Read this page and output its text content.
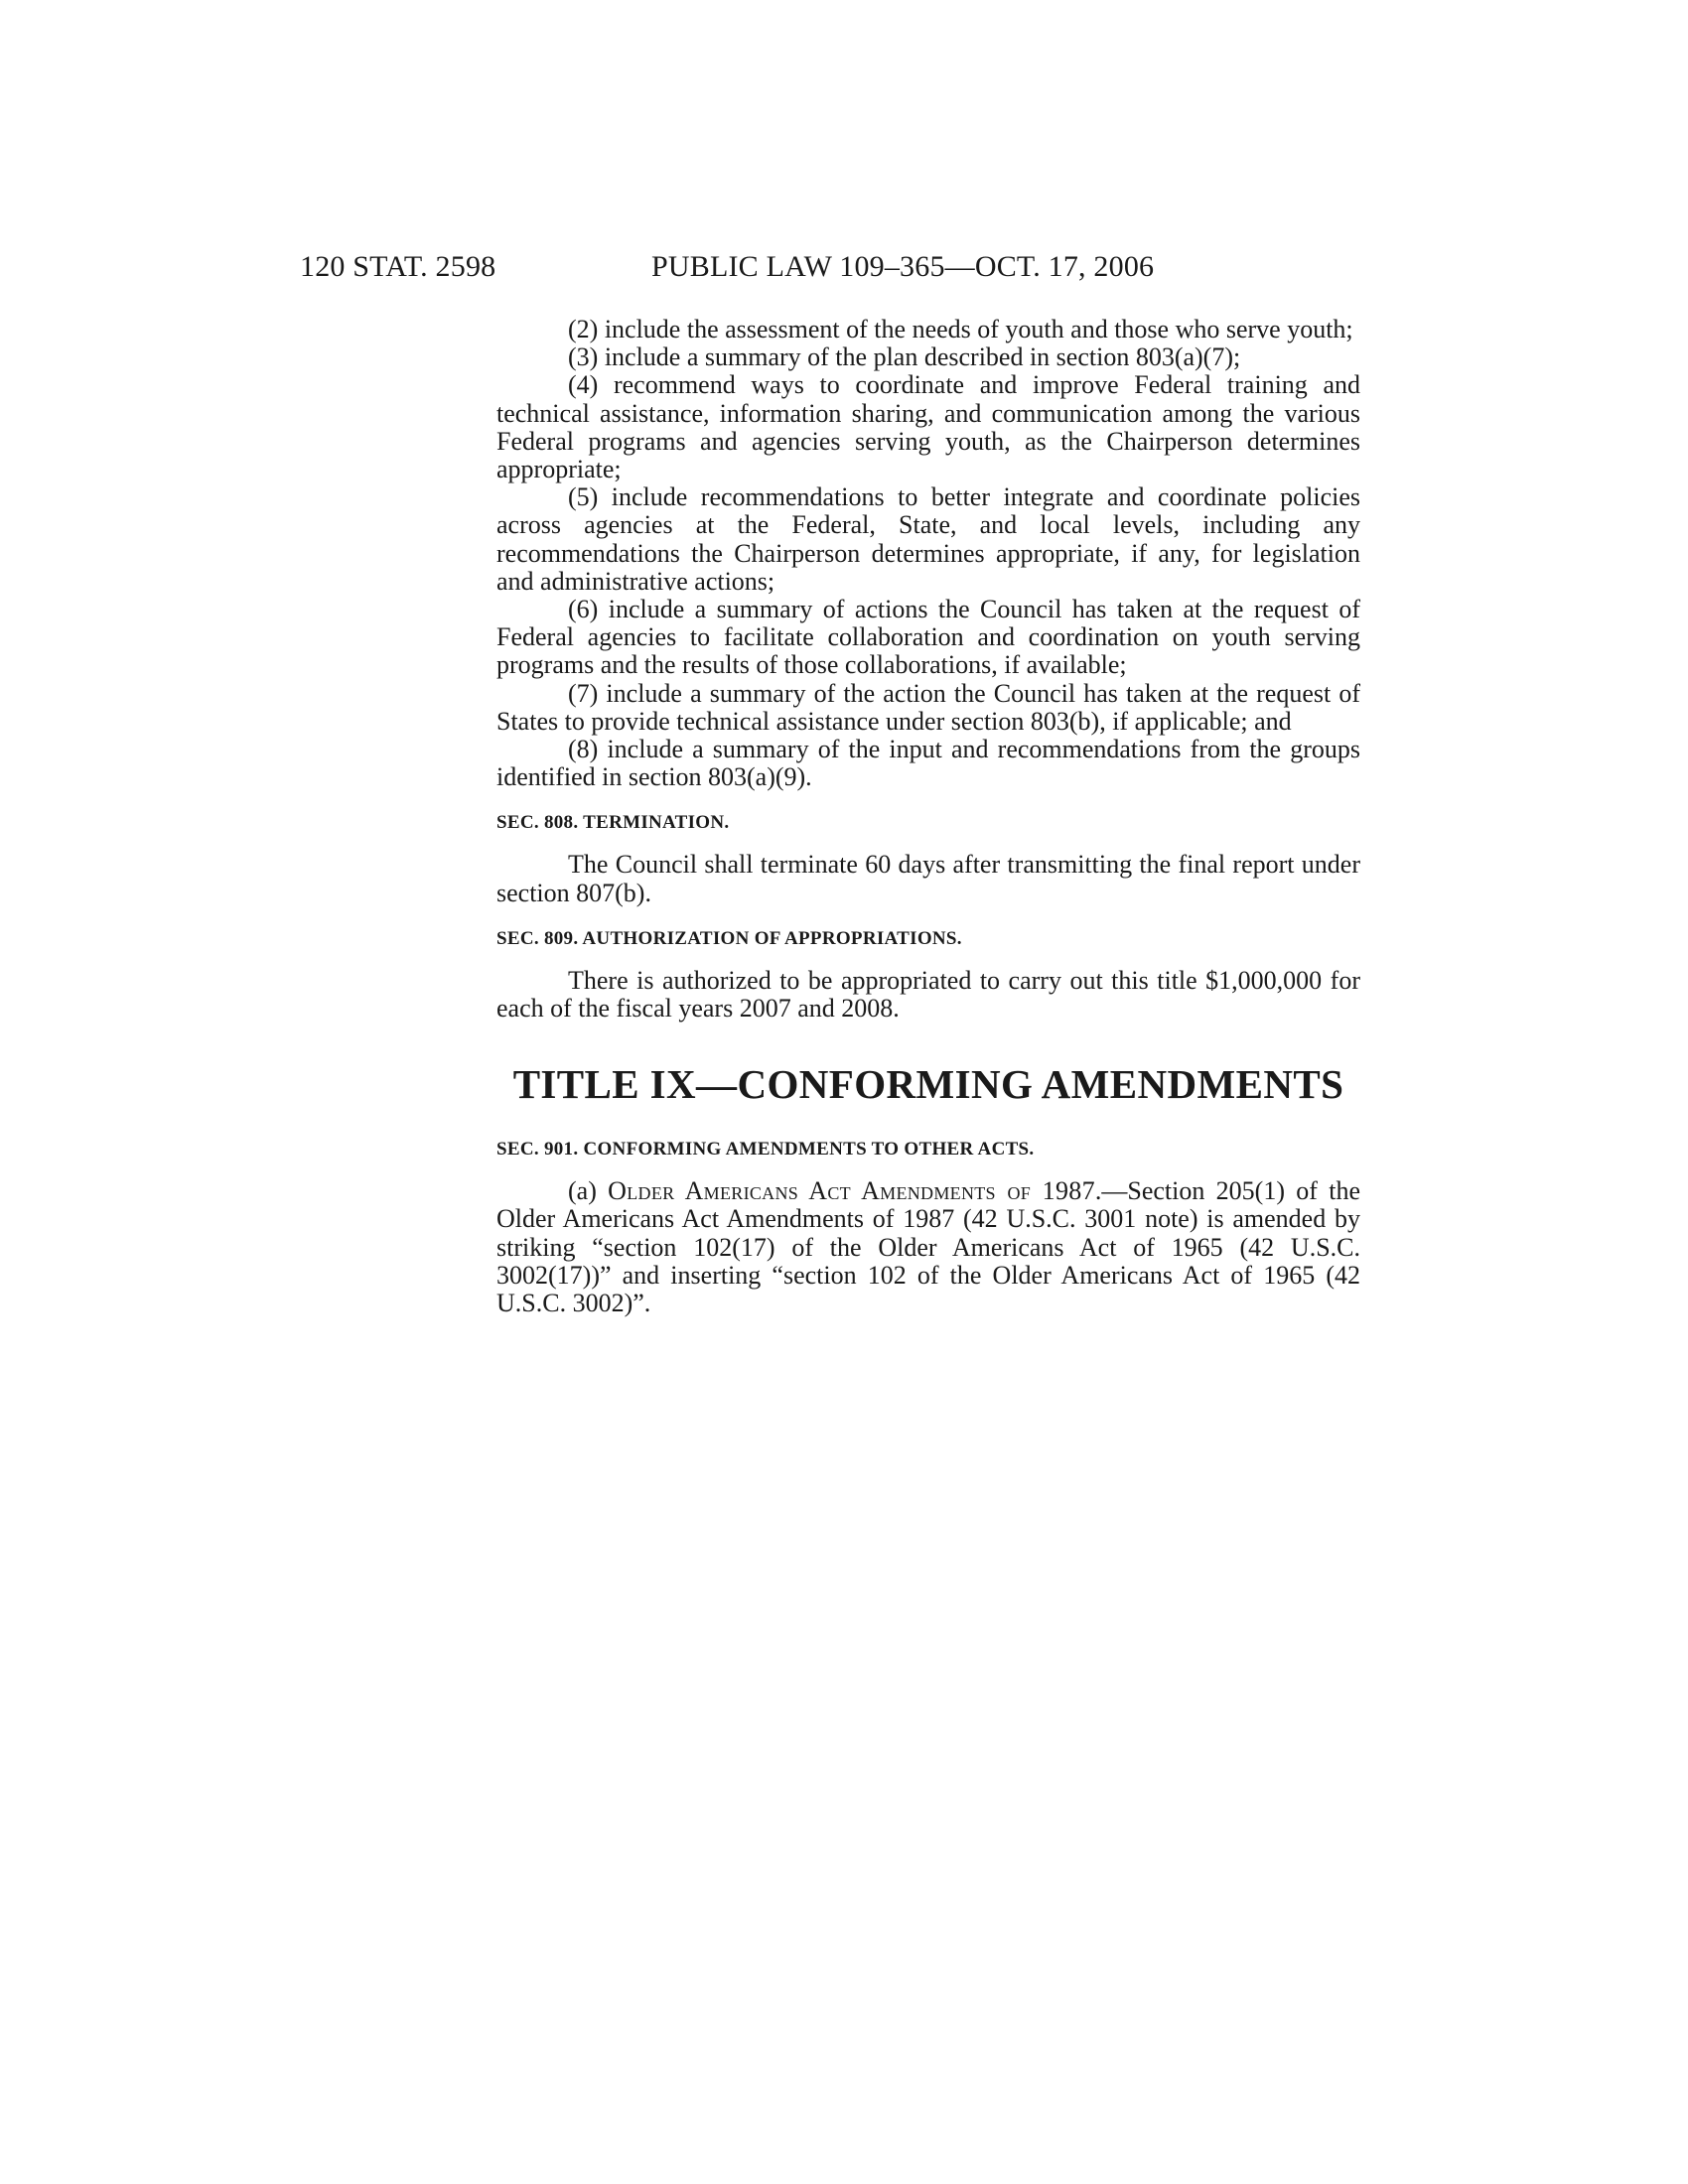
120 STAT. 2598	PUBLIC LAW 109–365—OCT. 17, 2006

(2) include the assessment of the needs of youth and those who serve youth;

(3) include a summary of the plan described in section 803(a)(7);

(4) recommend ways to coordinate and improve Federal training and technical assistance, information sharing, and communication among the various Federal programs and agencies serving youth, as the Chairperson determines appropriate;

(5) include recommendations to better integrate and coordinate policies across agencies at the Federal, State, and local levels, including any recommendations the Chairperson determines appropriate, if any, for legislation and administrative actions;

(6) include a summary of actions the Council has taken at the request of Federal agencies to facilitate collaboration and coordination on youth serving programs and the results of those collaborations, if available;

(7) include a summary of the action the Council has taken at the request of States to provide technical assistance under section 803(b), if applicable; and

(8) include a summary of the input and recommendations from the groups identified in section 803(a)(9).

SEC. 808. TERMINATION.

The Council shall terminate 60 days after transmitting the final report under section 807(b).

SEC. 809. AUTHORIZATION OF APPROPRIATIONS.

There is authorized to be appropriated to carry out this title $1,000,000 for each of the fiscal years 2007 and 2008.

TITLE IX—CONFORMING AMENDMENTS

SEC. 901. CONFORMING AMENDMENTS TO OTHER ACTS.

(a) Older Americans Act Amendments of 1987.—Section 205(1) of the Older Americans Act Amendments of 1987 (42 U.S.C. 3001 note) is amended by striking “section 102(17) of the Older Americans Act of 1965 (42 U.S.C. 3002(17))” and inserting “section 102 of the Older Americans Act of 1965 (42 U.S.C. 3002)”.
